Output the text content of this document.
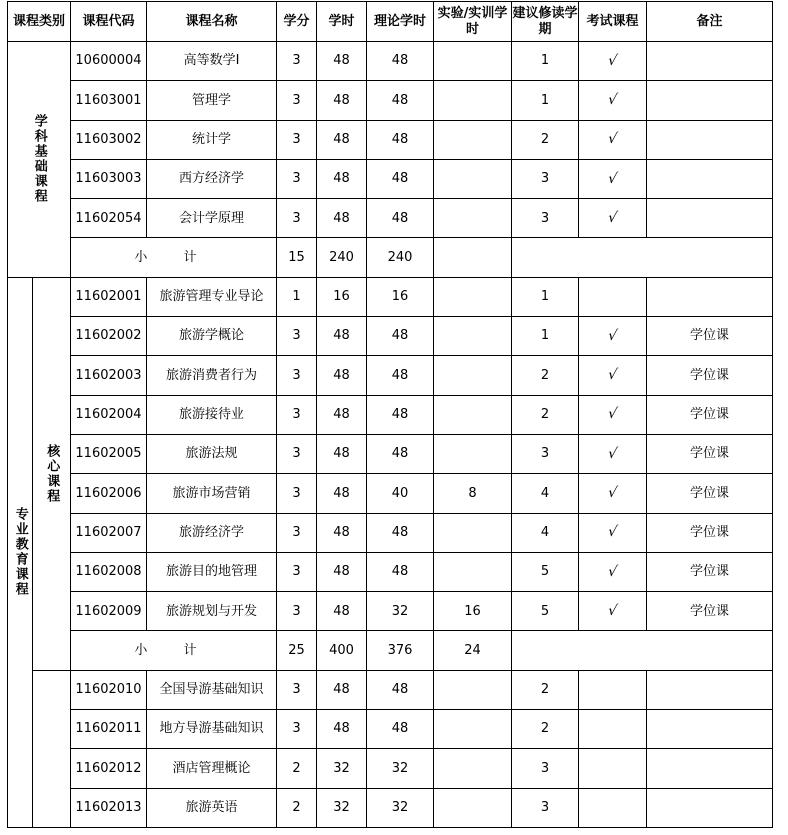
课程类别		课程代码	课程名称	学分	学时	理论学时	实验/实训学时	建议修读学期	考试课程	备注

学科基础课程		10600004	高等数学Ⅰ	3	48	48		1	√	
		11603001	管理学	3	48	48		1	√	
		11603002	统计学	3	48	48		2	√	
		11603003	西方经济学	3	48	48		3	√	
		11602054	会计学原理	3	48	48		3	√	
		小 计		15	240	240				

专业教育课程	核心课程	11602001	旅游管理专业导论	1	16	16		1		
		11602002	旅游学概论	3	48	48		1	√	学位课
		11602003	旅游消费者行为	3	48	48		2	√	学位课
		11602004	旅游接待业	3	48	48		2	√	学位课
		11602005	旅游法规	3	48	48		3	√	学位课
		11602006	旅游市场营销	3	48	40	8	4	√	学位课
		11602007	旅游经济学	3	48	48		4	√	学位课
		11602008	旅游目的地管理	3	48	48		5	√	学位课
		11602009	旅游规划与开发	3	48	32	16	5	√	学位课
		小 计		25	400	376	24			
		11602010	全国导游基础知识	3	48	48		2		
		11602011	地方导游基础知识	3	48	48		2		
		11602012	酒店管理概论	2	32	32		3		
		11602013	旅游英语	2	32	32		3		
